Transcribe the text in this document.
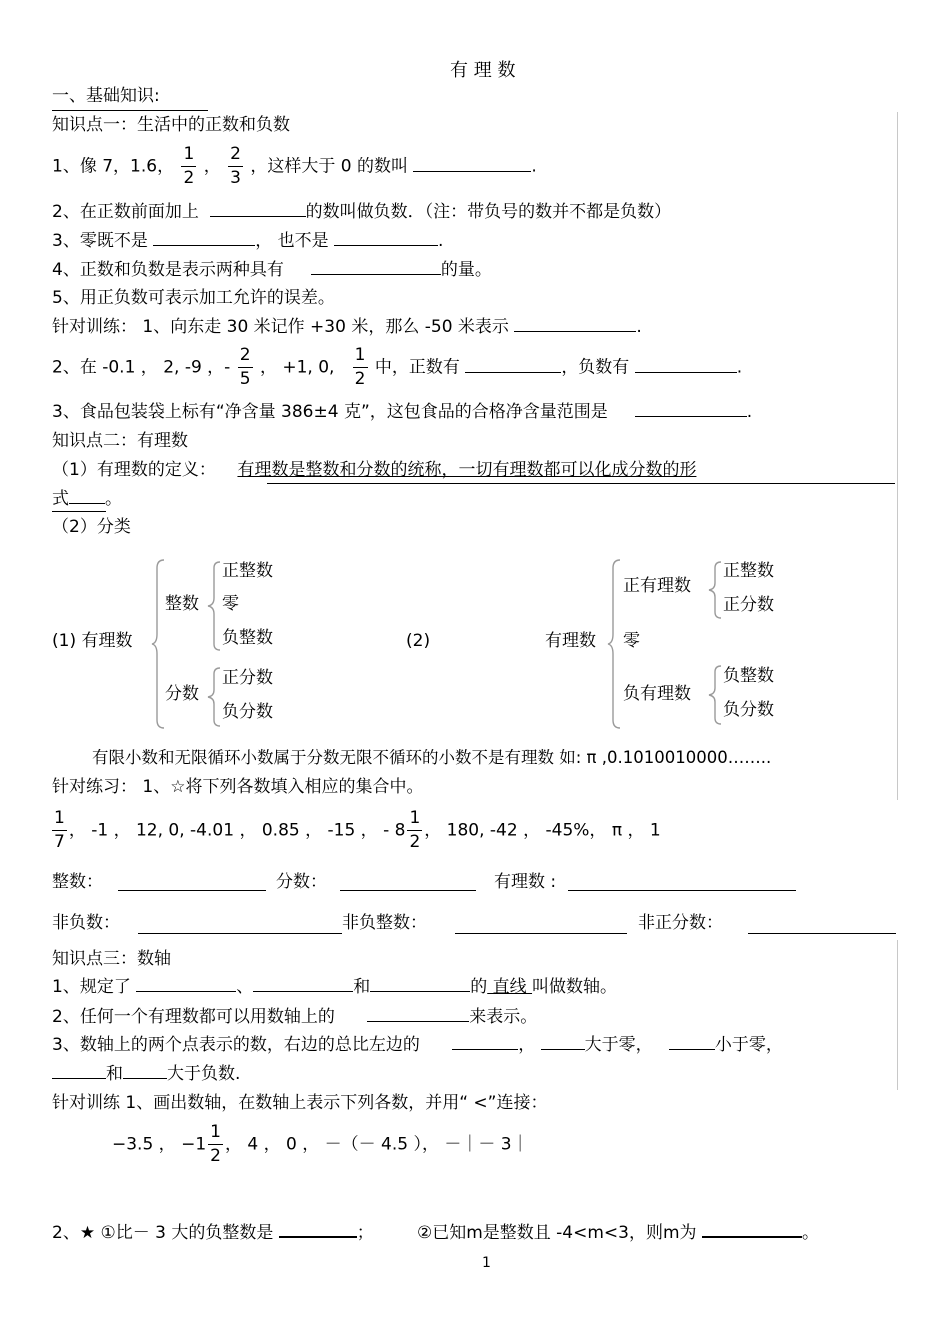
有 理 数
一、基础知识:
知识点一：生活中的正数和负数
1、像 7，1.6， $\frac{1}{2}$ ， $\frac{2}{3}$ ，这样大于 0 的数叫	.
2、在正数前面加上	的数叫做负数．（注：带负号的数并不都是负数）
3、零既不是	， 也不是	.
4、正数和负数是表示两种具有	的量。
5、用正负数可表示加工允许的误差。
针对训练： 1、向东走 30 米记作 +30 米，那么 -50 米表示	.
2、在 -0.1 ， 2, -9 ，- $\frac{2}{5}$ ， +1, 0, $\frac{1}{2}$ 中，正数有	，负数有	.
3、食品包装袋上标有“净含量 386±4 克”，这包食品的合格净含量范围是	.
知识点二：有理数
（1）有理数的定义： 有理数是整数和分数的统称，一切有理数都可以化成分数的形
式 。
（2）分类
(1) 有理数
整数
正整数
零
负整数
分数
正分数
负分数
(2)	有理数
正有理数
正整数
正分数
零
负有理数
负整数
负分数
有限小数和无限循环小数属于分数无限不循环的小数不是有理数 如: π ,0.1010010000……..
针对练习： 1、☆将下列各数填入相应的集合中。
$\frac{1}{7}$ ， -1 ， 12, 0, -4.01 ， 0.85 ， -15 ， - $8 \frac{1}{2}$ ， 180, -42 ， -45%， π ， 1
整数：	分数：	有理数 :
非负数：	非负整数：	非正分数：
知识点三：数轴
1、规定了	、	和	的 直线 叫做数轴。
2、任何一个有理数都可以用数轴上的	来表示。
3、数轴上的两个点表示的数，右边的总比左边的	，	大于零，	小于零，
和	大于负数.
针对训练 1、画出数轴，在数轴上表示下列各数，并用“ <”连接：
−3.5 ， $-1 \frac{1}{2}$ ， 4 ， 0 ， －（－ 4.5 ）， －｜－ 3｜
2、★ ①比－ 3 大的负整数是	；	②已知m是整数且 -4<m<3，则m为	。
1
